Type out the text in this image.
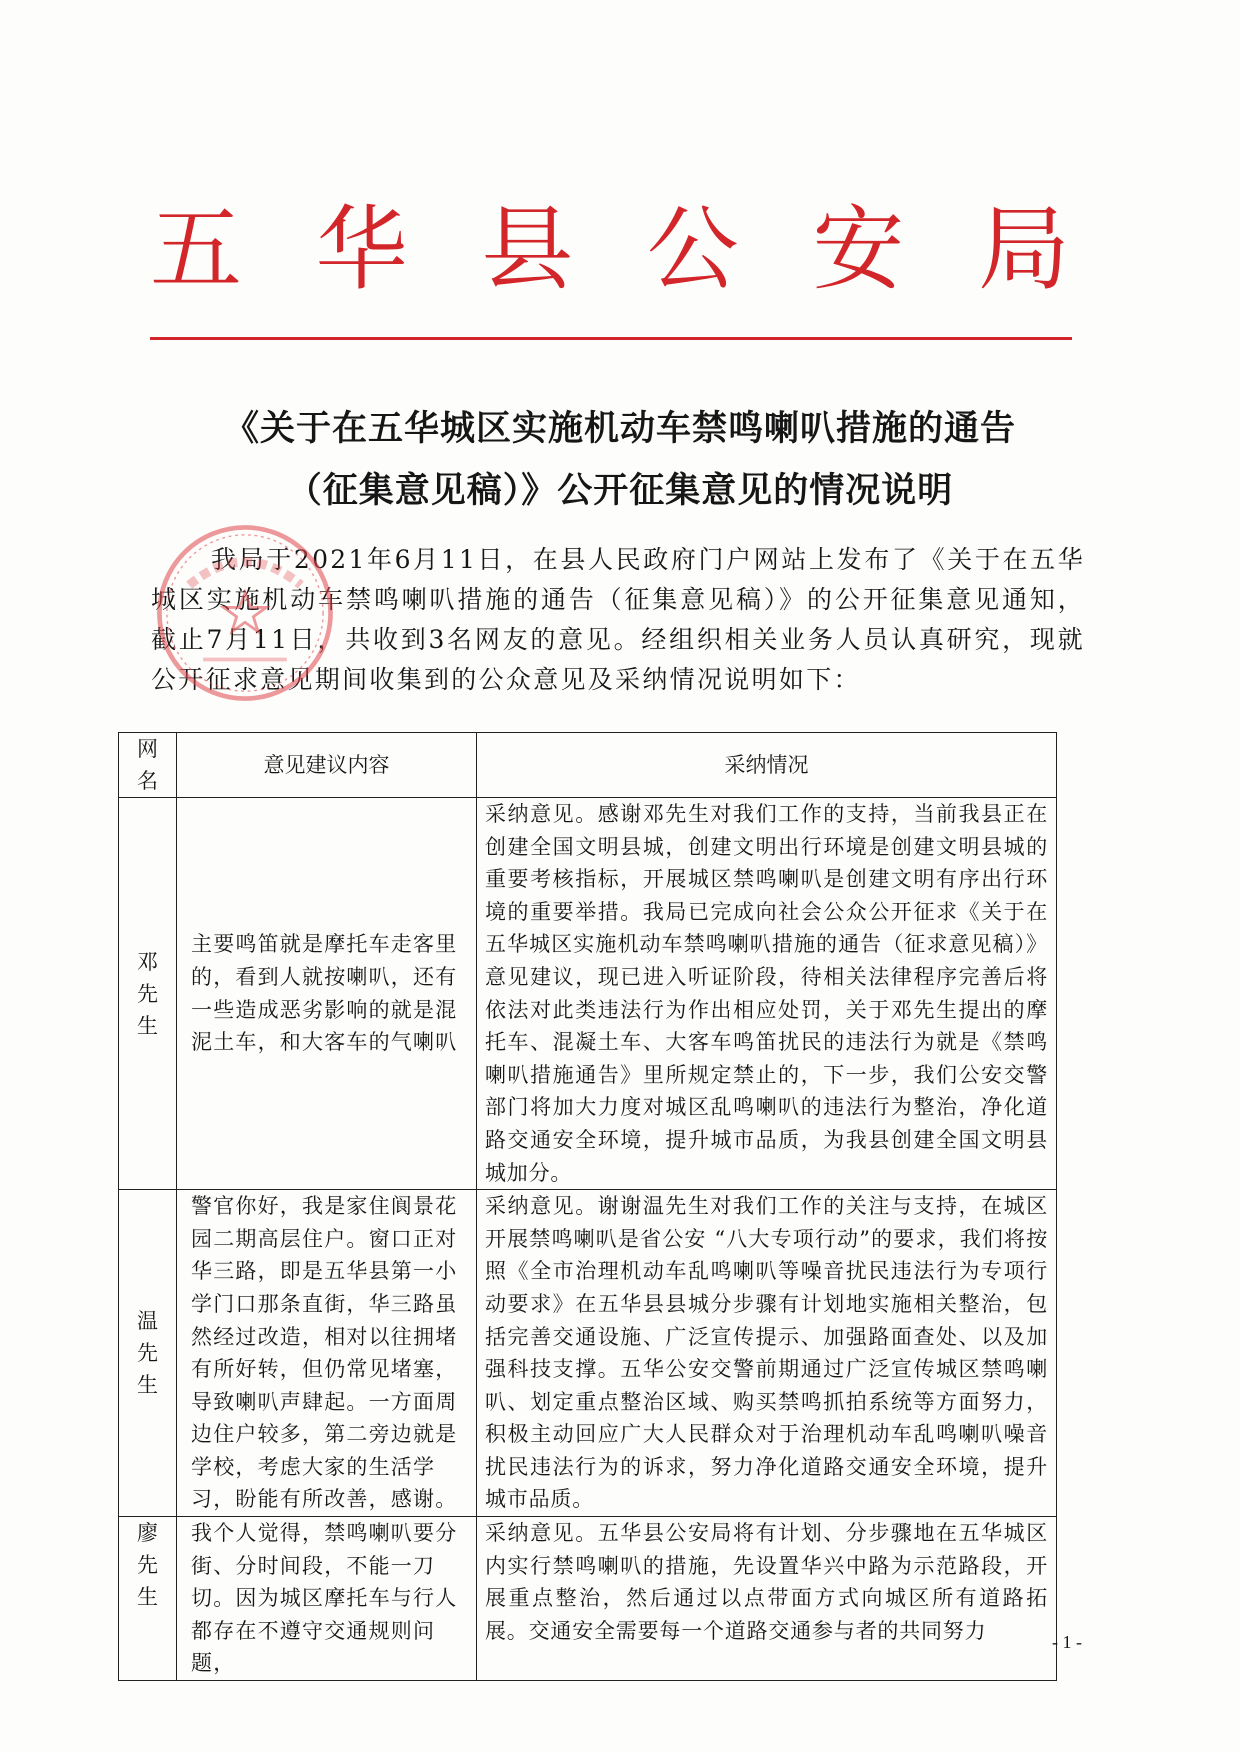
五 华 县 公 安 局
《关于在五华城区实施机动车禁鸣喇叭措施的通告
（征集意见稿）》公开征集意见的情况说明

我局于2021年6月11日，在县人民政府门户网站上发布了《关于在五华城区实施机动车禁鸣喇叭措施的通告（征集意见稿）》的公开征集意见通知，截止7月11日，共收到3名网友的意见。经组织相关业务人员认真研究，现就公开征求意见期间收集到的公众意见及采纳情况说明如下：

网名	意见建议内容	采纳情况

邓先生	主要鸣笛就是摩托车走客里的，看到人就按喇叭，还有一些造成恶劣影响的就是混泥土车，和大客车的气喇叭	采纳意见。感谢邓先生对我们工作的支持，当前我县正在创建全国文明县城，创建文明出行环境是创建文明县城的重要考核指标，开展城区禁鸣喇叭是创建文明有序出行环境的重要举措。我局已完成向社会公众公开征求《关于在五华城区实施机动车禁鸣喇叭措施的通告（征求意见稿）》意见建议，现已进入听证阶段，待相关法律程序完善后将依法对此类违法行为作出相应处罚，关于邓先生提出的摩托车、混凝土车、大客车鸣笛扰民的违法行为就是《禁鸣喇叭措施通告》里所规定禁止的，下一步，我们公安交警部门将加大力度对城区乱鸣喇叭的违法行为整治，净化道路交通安全环境，提升城市品质，为我县创建全国文明县城加分。

温先生	警官你好，我是家住阆景花园二期高层住户。窗口正对华三路，即是五华县第一小学门口那条直街，华三路虽然经过改造，相对以往拥堵有所好转，但仍常见堵塞，导致喇叭声肆起。一方面周边住户较多，第二旁边就是学校，考虑大家的生活学习，盼能有所改善，感谢。	采纳意见。谢谢温先生对我们工作的关注与支持，在城区开展禁鸣喇叭是省公安 “八大专项行动”的要求，我们将按照《全市治理机动车乱鸣喇叭等噪音扰民违法行为专项行动要求》在五华县县城分步骤有计划地实施相关整治，包括完善交通设施、广泛宣传提示、加强路面查处、以及加强科技支撑。五华公安交警前期通过广泛宣传城区禁鸣喇叭、划定重点整治区域、购买禁鸣抓拍系统等方面努力，积极主动回应广大人民群众对于治理机动车乱鸣喇叭噪音扰民违法行为的诉求，努力净化道路交通安全环境，提升城市品质。

廖先生	我个人觉得，禁鸣喇叭要分街、分时间段，不能一刀切。因为城区摩托车与行人都存在不遵守交通规则问题，	采纳意见。五华县公安局将有计划、分步骤地在五华城区内实行禁鸣喇叭的措施，先设置华兴中路为示范路段，开展重点整治，然后通过以点带面方式向城区所有道路拓展。交通安全需要每一个道路交通参与者的共同努力	- 1 -
